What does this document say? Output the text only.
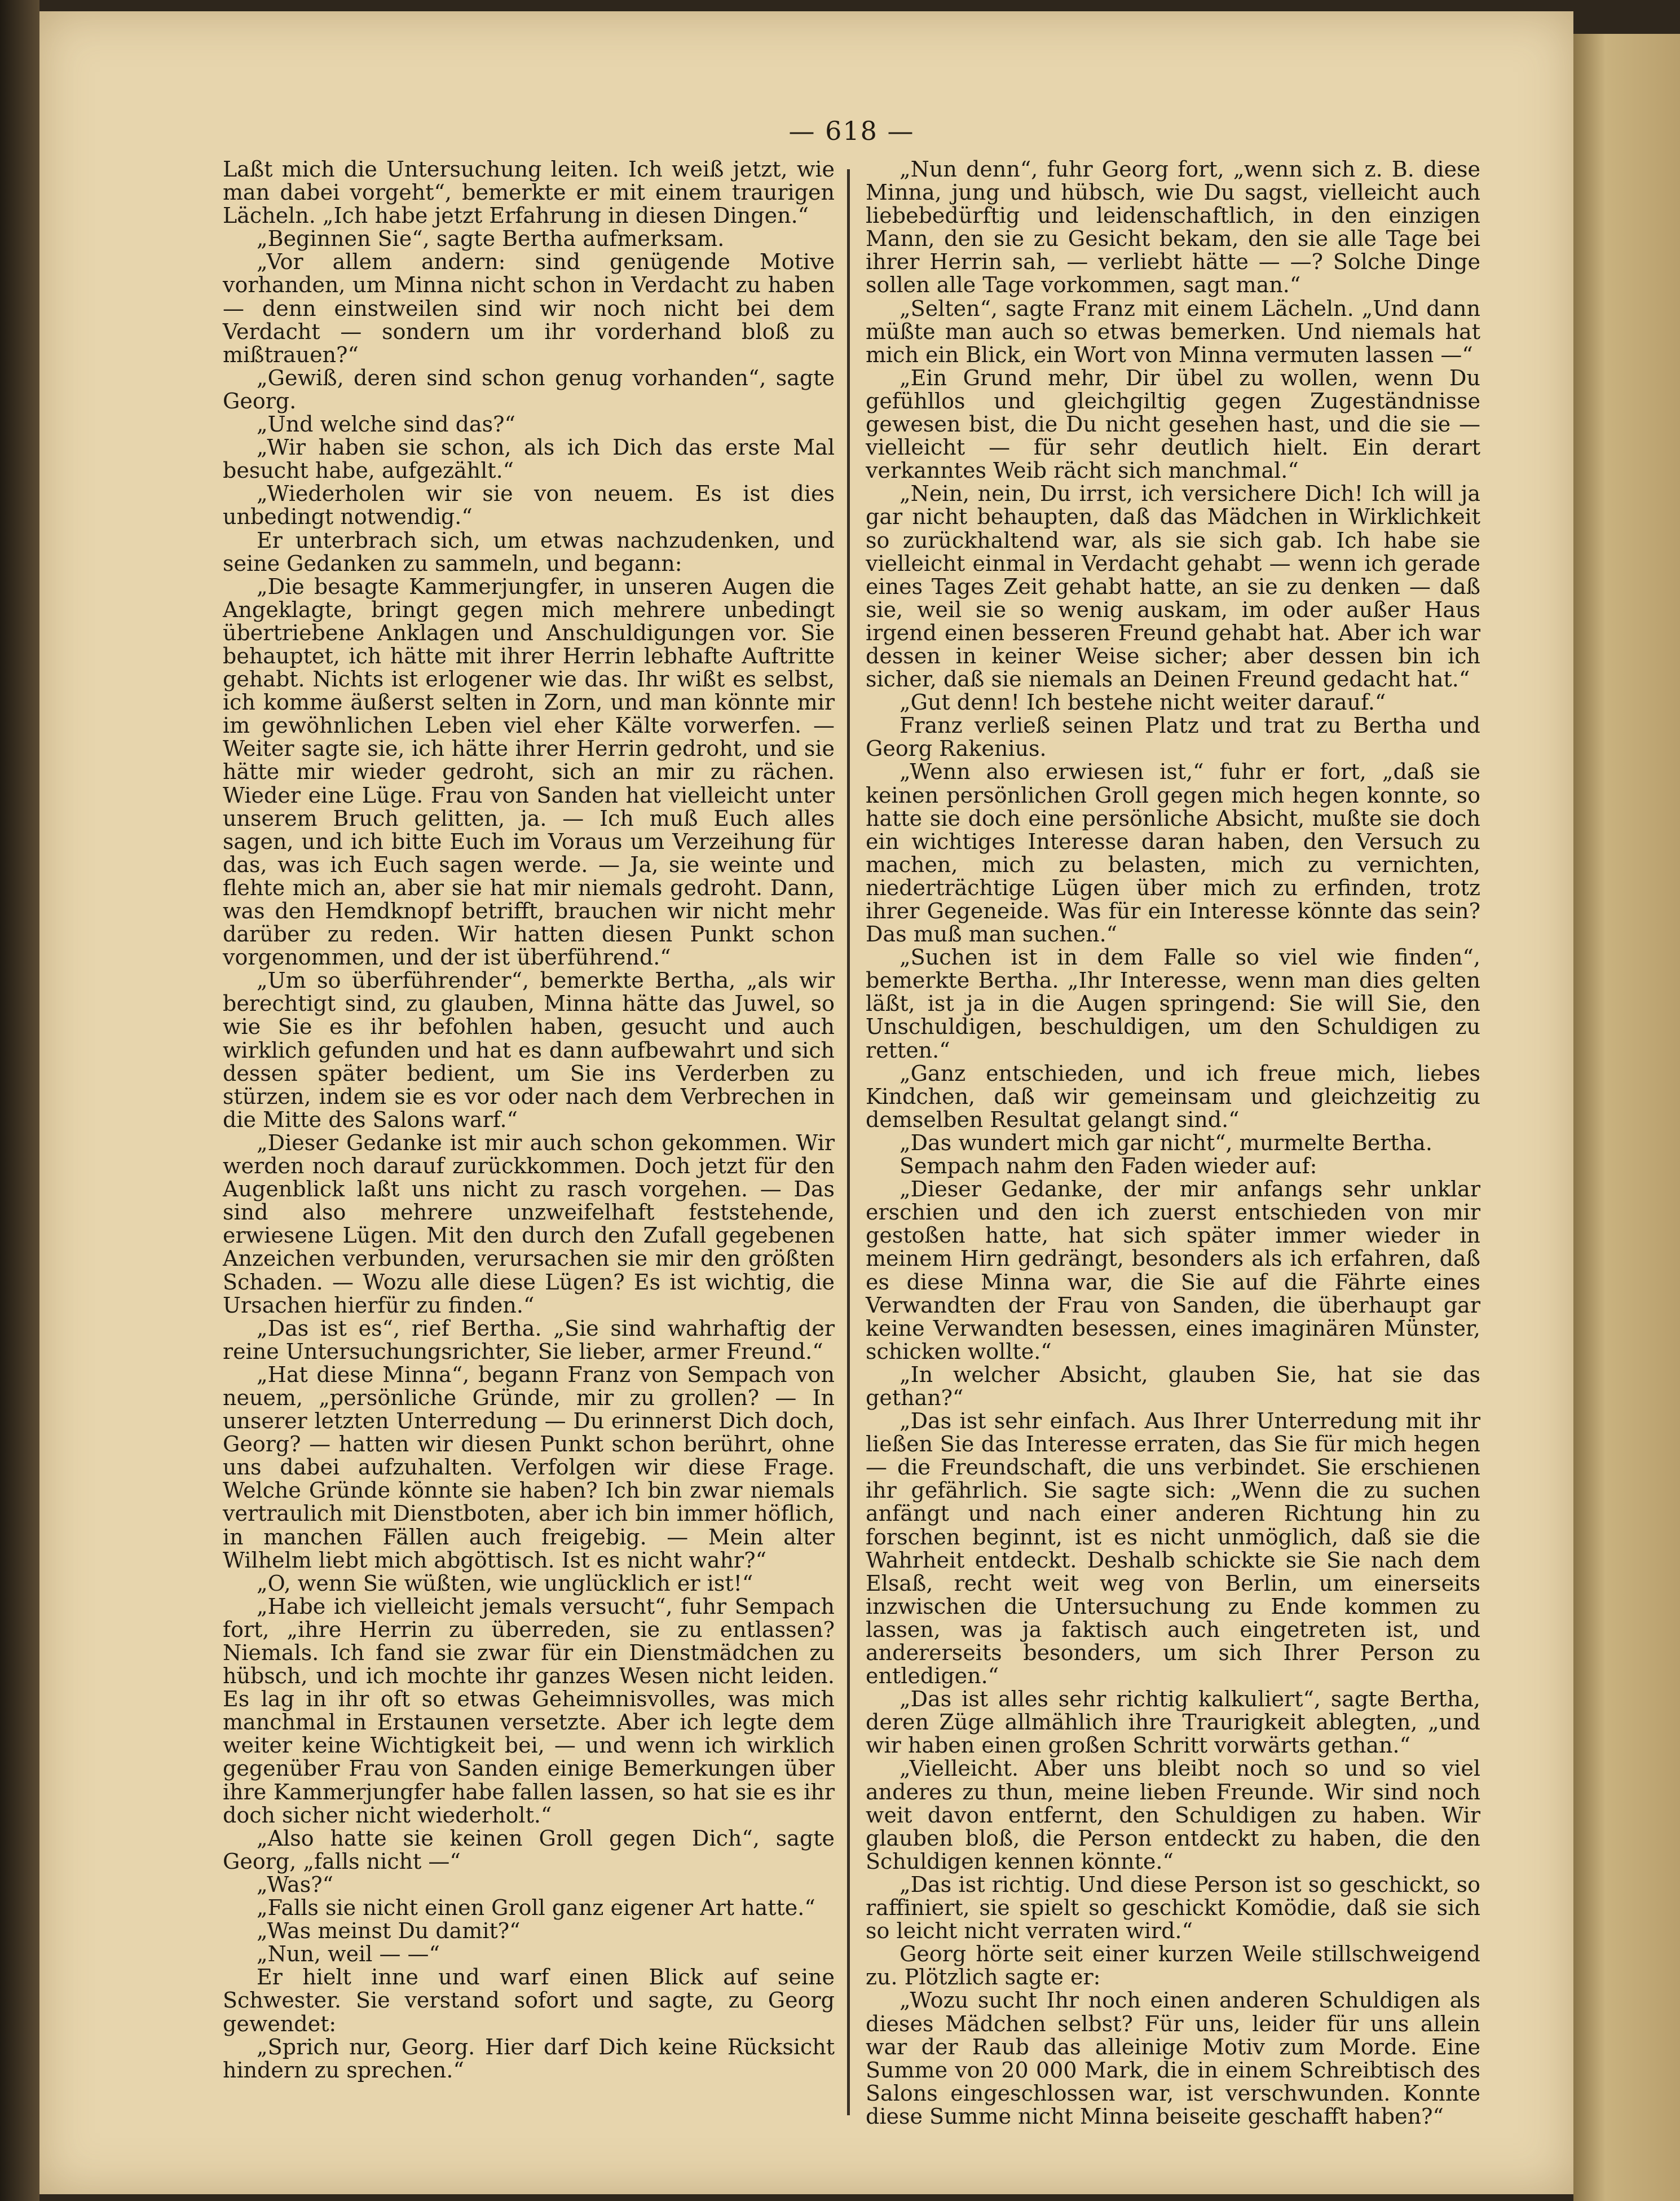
— 618 —

Laßt mich die Untersuchung leiten. Ich weiß jetzt, wie man dabei vorgeht“, bemerkte er mit einem traurigen Lächeln. „Ich habe jetzt Erfahrung in diesen Dingen.“

„Beginnen Sie“, sagte Bertha aufmerksam.

„Vor allem andern: sind genügende Motive vorhanden, um Minna nicht schon in Verdacht zu haben — denn einstweilen sind wir noch nicht bei dem Verdacht — sondern um ihr vorderhand bloß zu mißtrauen?“

„Gewiß, deren sind schon genug vorhanden“, sagte Georg.

„Und welche sind das?“

„Wir haben sie schon, als ich Dich das erste Mal besucht habe, aufgezählt.“

„Wiederholen wir sie von neuem. Es ist dies unbedingt notwendig.“

Er unterbrach sich, um etwas nachzudenken, und seine Gedanken zu sammeln, und begann:

„Die besagte Kammerjungfer, in unseren Augen die Angeklagte, bringt gegen mich mehrere unbedingt übertriebene Anklagen und Anschuldigungen vor. Sie behauptet, ich hätte mit ihrer Herrin lebhafte Auftritte gehabt. Nichts ist erlogener wie das. Ihr wißt es selbst, ich komme äußerst selten in Zorn, und man könnte mir im gewöhnlichen Leben viel eher Kälte vorwerfen. — Weiter sagte sie, ich hätte ihrer Herrin gedroht, und sie hätte mir wieder gedroht, sich an mir zu rächen. Wieder eine Lüge. Frau von Sanden hat vielleicht unter unserem Bruch gelitten, ja. — Ich muß Euch alles sagen, und ich bitte Euch im Voraus um Verzeihung für das, was ich Euch sagen werde. — Ja, sie weinte und flehte mich an, aber sie hat mir niemals gedroht. Dann, was den Hemdknopf betrifft, brauchen wir nicht mehr darüber zu reden. Wir hatten diesen Punkt schon vorgenommen, und der ist überführend.“

„Um so überführender“, bemerkte Bertha, „als wir berechtigt sind, zu glauben, Minna hätte das Juwel, so wie Sie es ihr befohlen haben, gesucht und auch wirklich gefunden und hat es dann aufbewahrt und sich dessen später bedient, um Sie ins Verderben zu stürzen, indem sie es vor oder nach dem Verbrechen in die Mitte des Salons warf.“

„Dieser Gedanke ist mir auch schon gekommen. Wir werden noch darauf zurückkommen. Doch jetzt für den Augenblick laßt uns nicht zu rasch vorgehen. — Das sind also mehrere unzweifelhaft feststehende, erwiesene Lügen. Mit den durch den Zufall gegebenen Anzeichen verbunden, verursachen sie mir den größten Schaden. — Wozu alle diese Lügen? Es ist wichtig, die Ursachen hierfür zu finden.“

„Das ist es“, rief Bertha. „Sie sind wahrhaftig der reine Untersuchungsrichter, Sie lieber, armer Freund.“

„Hat diese Minna“, begann Franz von Sempach von neuem, „persönliche Gründe, mir zu grollen? — In unserer letzten Unterredung — Du erinnerst Dich doch, Georg? — hatten wir diesen Punkt schon berührt, ohne uns dabei aufzuhalten. Verfolgen wir diese Frage. Welche Gründe könnte sie haben? Ich bin zwar niemals vertraulich mit Dienstboten, aber ich bin immer höflich, in manchen Fällen auch freigebig. — Mein alter Wilhelm liebt mich abgöttisch. Ist es nicht wahr?“

„O, wenn Sie wüßten, wie unglücklich er ist!“

„Habe ich vielleicht jemals versucht“, fuhr Sempach fort, „ihre Herrin zu überreden, sie zu entlassen? Niemals. Ich fand sie zwar für ein Dienstmädchen zu hübsch, und ich mochte ihr ganzes Wesen nicht leiden. Es lag in ihr oft so etwas Geheimnisvolles, was mich manchmal in Erstaunen versetzte. Aber ich legte dem weiter keine Wichtigkeit bei, — und wenn ich wirklich gegenüber Frau von Sanden einige Bemerkungen über ihre Kammerjungfer habe fallen lassen, so hat sie es ihr doch sicher nicht wiederholt.“

„Also hatte sie keinen Groll gegen Dich“, sagte Georg, „falls nicht —“

„Was?“

„Falls sie nicht einen Groll ganz eigener Art hatte.“

„Was meinst Du damit?“

„Nun, weil — —“

Er hielt inne und warf einen Blick auf seine Schwester. Sie verstand sofort und sagte, zu Georg gewendet:

„Sprich nur, Georg. Hier darf Dich keine Rücksicht hindern zu sprechen.“

„Nun denn“, fuhr Georg fort, „wenn sich z. B. diese Minna, jung und hübsch, wie Du sagst, vielleicht auch liebebedürftig und leidenschaftlich, in den einzigen Mann, den sie zu Gesicht bekam, den sie alle Tage bei ihrer Herrin sah, — verliebt hätte — —? Solche Dinge sollen alle Tage vorkommen, sagt man.“

„Selten“, sagte Franz mit einem Lächeln. „Und dann müßte man auch so etwas bemerken. Und niemals hat mich ein Blick, ein Wort von Minna vermuten lassen —“

„Ein Grund mehr, Dir übel zu wollen, wenn Du gefühllos und gleichgiltig gegen Zugeständnisse gewesen bist, die Du nicht gesehen hast, und die sie — vielleicht — für sehr deutlich hielt. Ein derart verkanntes Weib rächt sich manchmal.“

„Nein, nein, Du irrst, ich versichere Dich! Ich will ja gar nicht behaupten, daß das Mädchen in Wirklichkeit so zurückhaltend war, als sie sich gab. Ich habe sie vielleicht einmal in Verdacht gehabt — wenn ich gerade eines Tages Zeit gehabt hatte, an sie zu denken — daß sie, weil sie so wenig auskam, im oder außer Haus irgend einen besseren Freund gehabt hat. Aber ich war dessen in keiner Weise sicher; aber dessen bin ich sicher, daß sie niemals an Deinen Freund gedacht hat.“

„Gut denn! Ich bestehe nicht weiter darauf.“

Franz verließ seinen Platz und trat zu Bertha und Georg Rakenius.

„Wenn also erwiesen ist,“ fuhr er fort, „daß sie keinen persönlichen Groll gegen mich hegen konnte, so hatte sie doch eine persönliche Absicht, mußte sie doch ein wichtiges Interesse daran haben, den Versuch zu machen, mich zu belasten, mich zu vernichten, niederträchtige Lügen über mich zu erfinden, trotz ihrer Gegeneide. Was für ein Interesse könnte das sein? Das muß man suchen.“

„Suchen ist in dem Falle so viel wie finden“, bemerkte Bertha. „Ihr Interesse, wenn man dies gelten läßt, ist ja in die Augen springend: Sie will Sie, den Unschuldigen, beschuldigen, um den Schuldigen zu retten.“

„Ganz entschieden, und ich freue mich, liebes Kindchen, daß wir gemeinsam und gleichzeitig zu demselben Resultat gelangt sind.“

„Das wundert mich gar nicht“, murmelte Bertha.

Sempach nahm den Faden wieder auf:

„Dieser Gedanke, der mir anfangs sehr unklar erschien und den ich zuerst entschieden von mir gestoßen hatte, hat sich später immer wieder in meinem Hirn gedrängt, besonders als ich erfahren, daß es diese Minna war, die Sie auf die Fährte eines Verwandten der Frau von Sanden, die überhaupt gar keine Verwandten besessen, eines imaginären Münster, schicken wollte.“

„In welcher Absicht, glauben Sie, hat sie das gethan?“

„Das ist sehr einfach. Aus Ihrer Unterredung mit ihr ließen Sie das Interesse erraten, das Sie für mich hegen — die Freundschaft, die uns verbindet. Sie erschienen ihr gefährlich. Sie sagte sich: „Wenn die zu suchen anfängt und nach einer anderen Richtung hin zu forschen beginnt, ist es nicht unmöglich, daß sie die Wahrheit entdeckt. Deshalb schickte sie Sie nach dem Elsaß, recht weit weg von Berlin, um einerseits inzwischen die Untersuchung zu Ende kommen zu lassen, was ja faktisch auch eingetreten ist, und andererseits besonders, um sich Ihrer Person zu entledigen.“

„Das ist alles sehr richtig kalkuliert“, sagte Bertha, deren Züge allmählich ihre Traurigkeit ablegten, „und wir haben einen großen Schritt vorwärts gethan.“

„Vielleicht. Aber uns bleibt noch so und so viel anderes zu thun, meine lieben Freunde. Wir sind noch weit davon entfernt, den Schuldigen zu haben. Wir glauben bloß, die Person entdeckt zu haben, die den Schuldigen kennen könnte.“

„Das ist richtig. Und diese Person ist so geschickt, so raffiniert, sie spielt so geschickt Komödie, daß sie sich so leicht nicht verraten wird.“

Georg hörte seit einer kurzen Weile stillschweigend zu. Plötzlich sagte er:

„Wozu sucht Ihr noch einen anderen Schuldigen als dieses Mädchen selbst? Für uns, leider für uns allein war der Raub das alleinige Motiv zum Morde. Eine Summe von 20 000 Mark, die in einem Schreibtisch des Salons eingeschlossen war, ist verschwunden. Konnte diese Summe nicht Minna beiseite geschafft haben?“
